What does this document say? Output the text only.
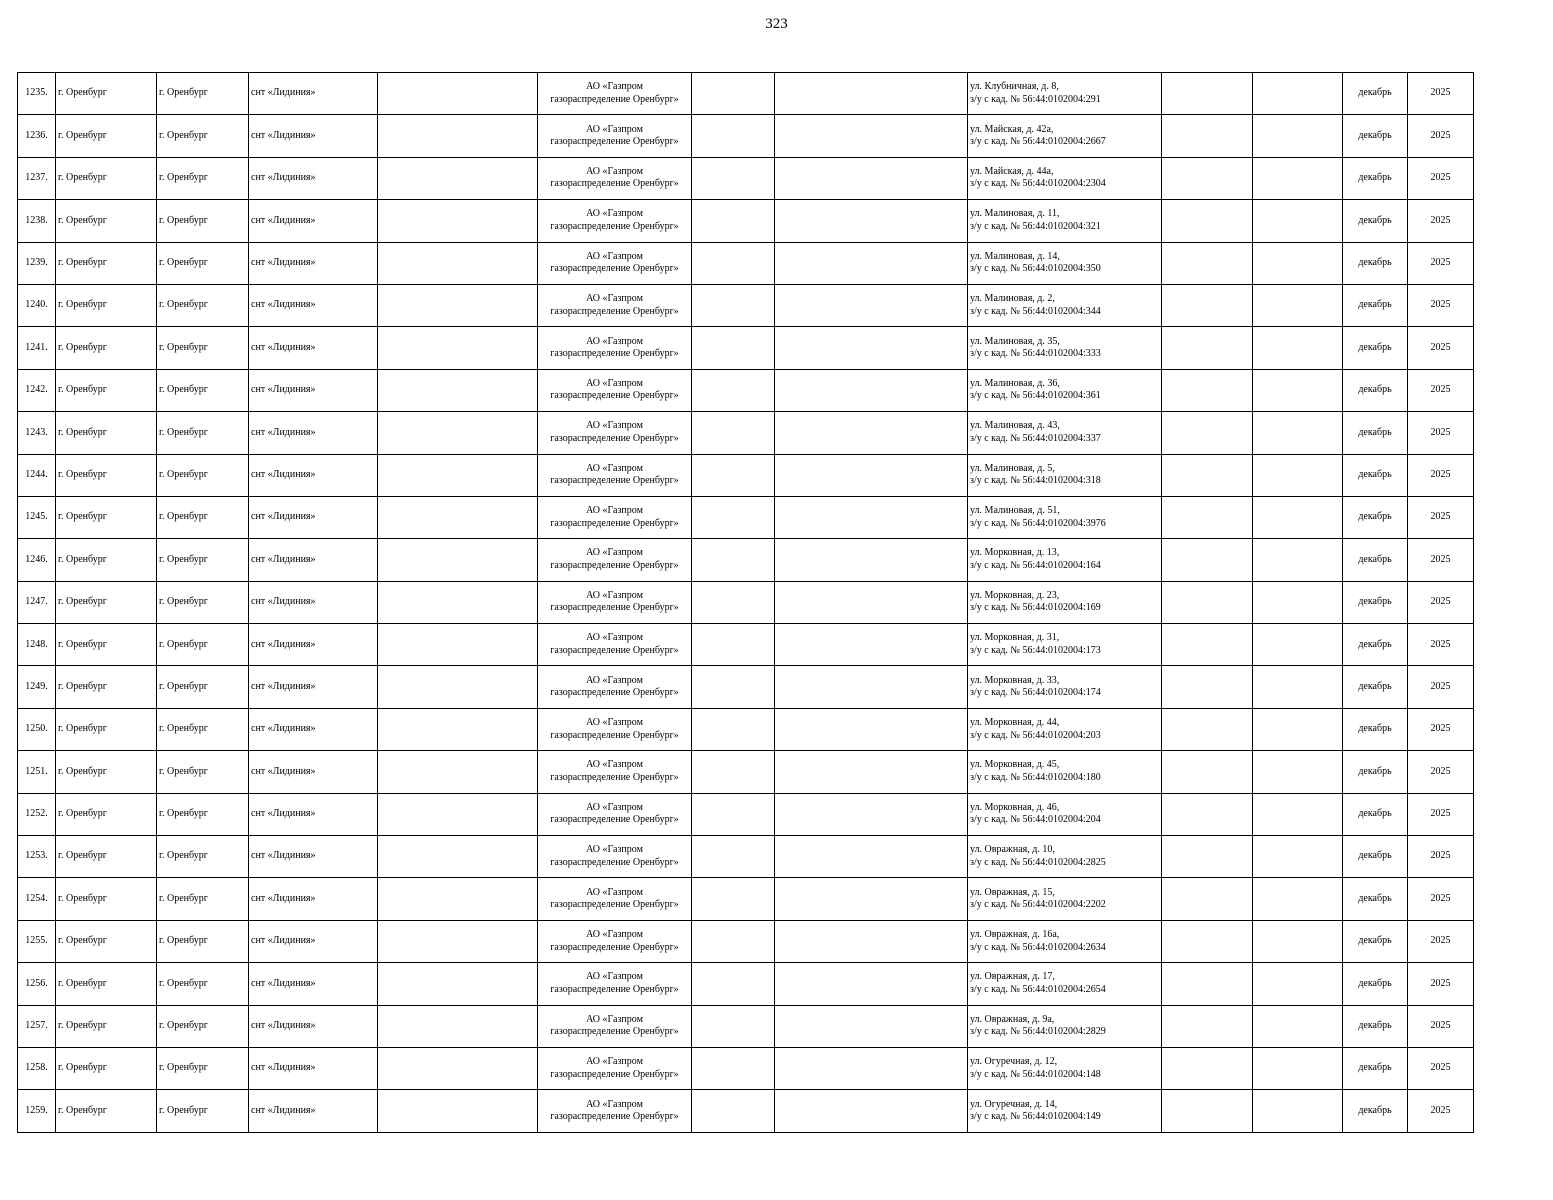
323
1235.	г. Оренбург	г. Оренбург	снт «Лидиния»		АО «Газпром
газораспределение Оренбург»			ул. Клубничная, д. 8,
з/у с кад. № 56:44:0102004:291			декабрь	2025
1236.	г. Оренбург	г. Оренбург	снт «Лидиния»		АО «Газпром
газораспределение Оренбург»			ул. Майская, д. 42а,
з/у с кад. № 56:44:0102004:2667			декабрь	2025
1237.	г. Оренбург	г. Оренбург	снт «Лидиния»		АО «Газпром
газораспределение Оренбург»			ул. Майская, д. 44а,
з/у с кад. № 56:44:0102004:2304			декабрь	2025
1238.	г. Оренбург	г. Оренбург	снт «Лидиния»		АО «Газпром
газораспределение Оренбург»			ул. Малиновая, д. 11,
з/у с кад. № 56:44:0102004:321			декабрь	2025
1239.	г. Оренбург	г. Оренбург	снт «Лидиния»		АО «Газпром
газораспределение Оренбург»			ул. Малиновая, д. 14,
з/у с кад. № 56:44:0102004:350			декабрь	2025
1240.	г. Оренбург	г. Оренбург	снт «Лидиния»		АО «Газпром
газораспределение Оренбург»			ул. Малиновая, д. 2,
з/у с кад. № 56:44:0102004:344			декабрь	2025
1241.	г. Оренбург	г. Оренбург	снт «Лидиния»		АО «Газпром
газораспределение Оренбург»			ул. Малиновая, д. 35,
з/у с кад. № 56:44:0102004:333			декабрь	2025
1242.	г. Оренбург	г. Оренбург	снт «Лидиния»		АО «Газпром
газораспределение Оренбург»			ул. Малиновая, д. 36,
з/у с кад. № 56:44:0102004:361			декабрь	2025
1243.	г. Оренбург	г. Оренбург	снт «Лидиния»		АО «Газпром
газораспределение Оренбург»			ул. Малиновая, д. 43,
з/у с кад. № 56:44:0102004:337			декабрь	2025
1244.	г. Оренбург	г. Оренбург	снт «Лидиния»		АО «Газпром
газораспределение Оренбург»			ул. Малиновая, д. 5,
з/у с кад. № 56:44:0102004:318			декабрь	2025
1245.	г. Оренбург	г. Оренбург	снт «Лидиния»		АО «Газпром
газораспределение Оренбург»			ул. Малиновая, д. 51,
з/у с кад. № 56:44:0102004:3976			декабрь	2025
1246.	г. Оренбург	г. Оренбург	снт «Лидиния»		АО «Газпром
газораспределение Оренбург»			ул. Морковная, д. 13,
з/у с кад. № 56:44:0102004:164			декабрь	2025
1247.	г. Оренбург	г. Оренбург	снт «Лидиния»		АО «Газпром
газораспределение Оренбург»			ул. Морковная, д. 23,
з/у с кад. № 56:44:0102004:169			декабрь	2025
1248.	г. Оренбург	г. Оренбург	снт «Лидиния»		АО «Газпром
газораспределение Оренбург»			ул. Морковная, д. 31,
з/у с кад. № 56:44:0102004:173			декабрь	2025
1249.	г. Оренбург	г. Оренбург	снт «Лидиния»		АО «Газпром
газораспределение Оренбург»			ул. Морковная, д. 33,
з/у с кад. № 56:44:0102004:174			декабрь	2025
1250.	г. Оренбург	г. Оренбург	снт «Лидиния»		АО «Газпром
газораспределение Оренбург»			ул. Морковная, д. 44,
з/у с кад. № 56:44:0102004:203			декабрь	2025
1251.	г. Оренбург	г. Оренбург	снт «Лидиния»		АО «Газпром
газораспределение Оренбург»			ул. Морковная, д. 45,
з/у с кад. № 56:44:0102004:180			декабрь	2025
1252.	г. Оренбург	г. Оренбург	снт «Лидиния»		АО «Газпром
газораспределение Оренбург»			ул. Морковная, д. 46,
з/у с кад. № 56:44:0102004:204			декабрь	2025
1253.	г. Оренбург	г. Оренбург	снт «Лидиния»		АО «Газпром
газораспределение Оренбург»			ул. Овражная, д. 10,
з/у с кад. № 56:44:0102004:2825			декабрь	2025
1254.	г. Оренбург	г. Оренбург	снт «Лидиния»		АО «Газпром
газораспределение Оренбург»			ул. Овражная, д. 15,
з/у с кад. № 56:44:0102004:2202			декабрь	2025
1255.	г. Оренбург	г. Оренбург	снт «Лидиния»		АО «Газпром
газораспределение Оренбург»			ул. Овражная, д. 16а,
з/у с кад. № 56:44:0102004:2634			декабрь	2025
1256.	г. Оренбург	г. Оренбург	снт «Лидиния»		АО «Газпром
газораспределение Оренбург»			ул. Овражная, д. 17,
з/у с кад. № 56:44:0102004:2654			декабрь	2025
1257.	г. Оренбург	г. Оренбург	снт «Лидиния»		АО «Газпром
газораспределение Оренбург»			ул. Овражная, д. 9а,
з/у с кад. № 56:44:0102004:2829			декабрь	2025
1258.	г. Оренбург	г. Оренбург	снт «Лидиния»		АО «Газпром
газораспределение Оренбург»			ул. Огуречная, д. 12,
з/у с кад. № 56:44:0102004:148			декабрь	2025
1259.	г. Оренбург	г. Оренбург	снт «Лидиния»		АО «Газпром
газораспределение Оренбург»			ул. Огуречная, д. 14,
з/у с кад. № 56:44:0102004:149			декабрь	2025
